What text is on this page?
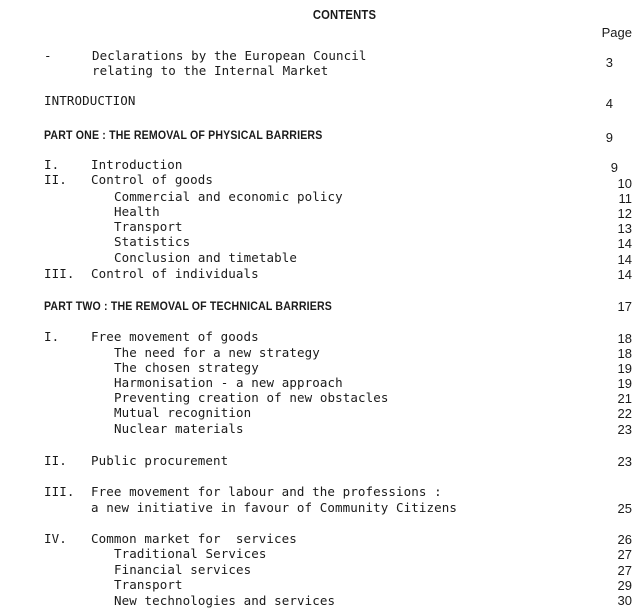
CONTENTS
Page
-	Declarations by the European Council
relating to the Internal Market
3
INTRODUCTION	4
PART ONE : THE REMOVAL OF PHYSICAL BARRIERS	9
I.	Introduction	9
II. Control of goods	10
Commercial and economic policy	11
Health	12
Transport	13
Statistics	14
Conclusion and timetable	14
III. Control of individuals	14
PART TWO : THE REMOVAL OF TECHNICAL BARRIERS	17
I.	Free movement of goods	18
The need for a new strategy	18
The chosen strategy	19
Harmonisation - a new approach	19
Preventing creation of new obstacles	21
Mutual recognition	22
Nuclear materials	23
II. Public procurement	23
III. Free movement for labour and the professions :
a new initiative in favour of Community Citizens	25
IV. Common market for  services	26
Traditional Services	27
Financial services	27
Transport	29
New technologies and services	30
